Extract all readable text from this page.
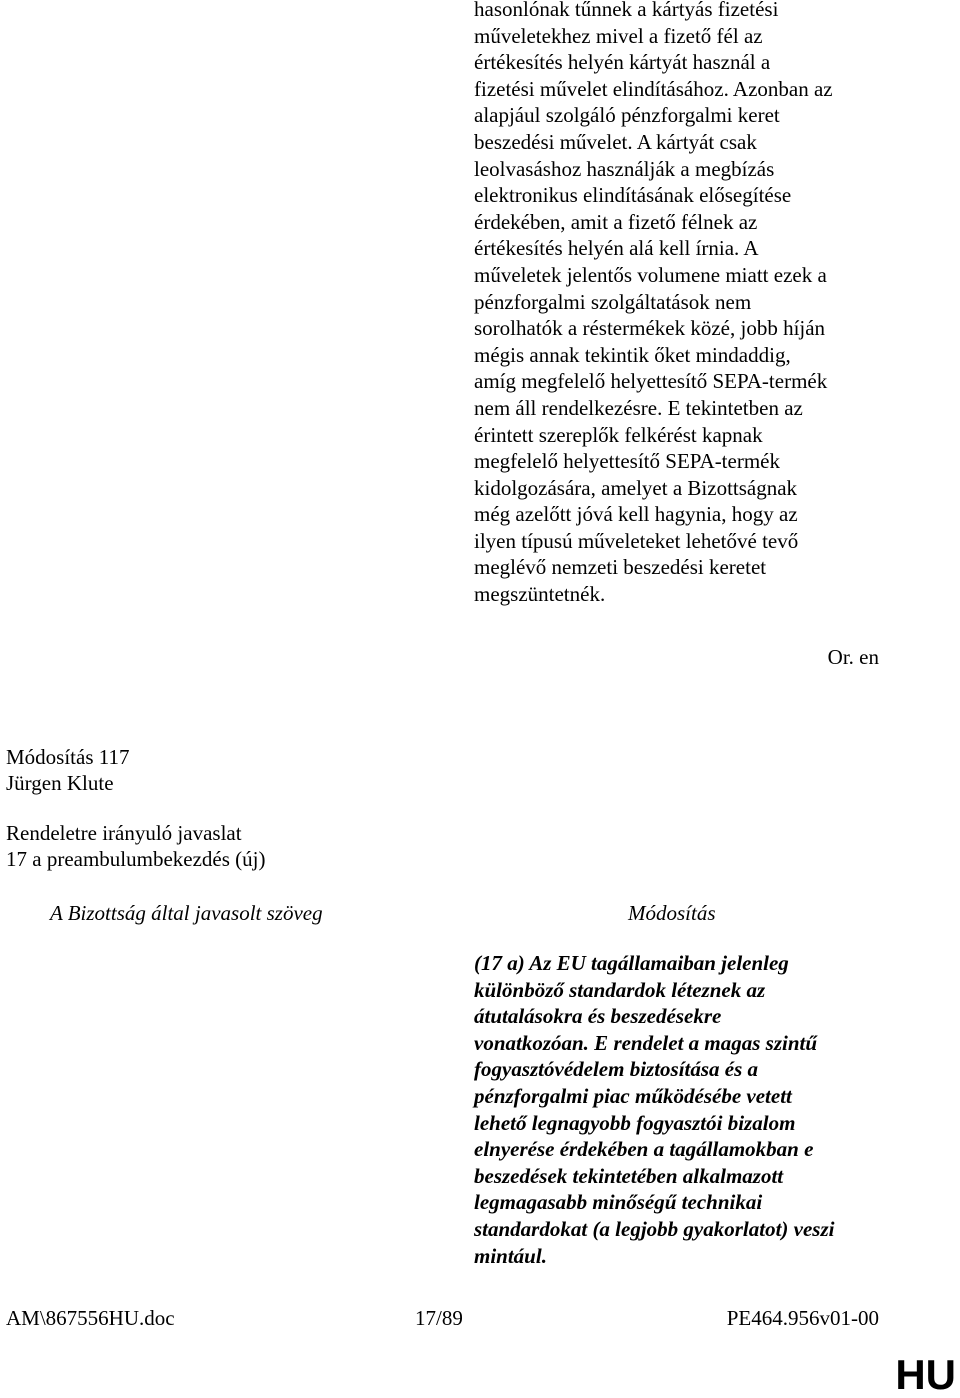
hasonlónak tűnnek a kártyás fizetési

műveletekhez mivel a fizető fél az

értékesítés helyén kártyát használ a

fizetési művelet elindításához. Azonban az

alapjául szolgáló pénzforgalmi keret

beszedési művelet. A kártyát csak

leolvasáshoz használják a megbízás

elektronikus elindításának elősegítése

érdekében, amit a fizető félnek az

értékesítés helyén alá kell írnia. A

műveletek jelentős volumene miatt ezek a

pénzforgalmi szolgáltatások nem

sorolhatók a réstermékek közé, jobb híján

mégis annak tekintik őket mindaddig,

amíg megfelelő helyettesítő SEPA-termék

nem áll rendelkezésre. E tekintetben az

érintett szereplők felkérést kapnak

megfelelő helyettesítő SEPA-termék

kidolgozására, amelyet a Bizottságnak

még azelőtt jóvá kell hagynia, hogy az

ilyen típusú műveleteket lehetővé tevő

meglévő nemzeti beszedési keretet

megszüntetnék.

Or. en
Módosítás 117
Jürgen Klute
Rendeletre irányuló javaslat
17 a preambulumbekezdés (új)
A Bizottság által javasolt szöveg	Módosítás

(17 a) Az EU tagállamaiban jelenleg

különböző standardok léteznek az

átutalásokra és beszedésekre

vonatkozóan. E rendelet a magas szintű

fogyasztóvédelem biztosítása és a

pénzforgalmi piac működésébe vetett

lehető legnagyobb fogyasztói bizalom

elnyerése érdekében a tagállamokban e

beszedések tekintetében alkalmazott

legmagasabb minőségű technikai

standardokat (a legjobb gyakorlatot) veszi

mintául.

AM\867556HU.doc	17/89	PE464.956v01-00
HU
